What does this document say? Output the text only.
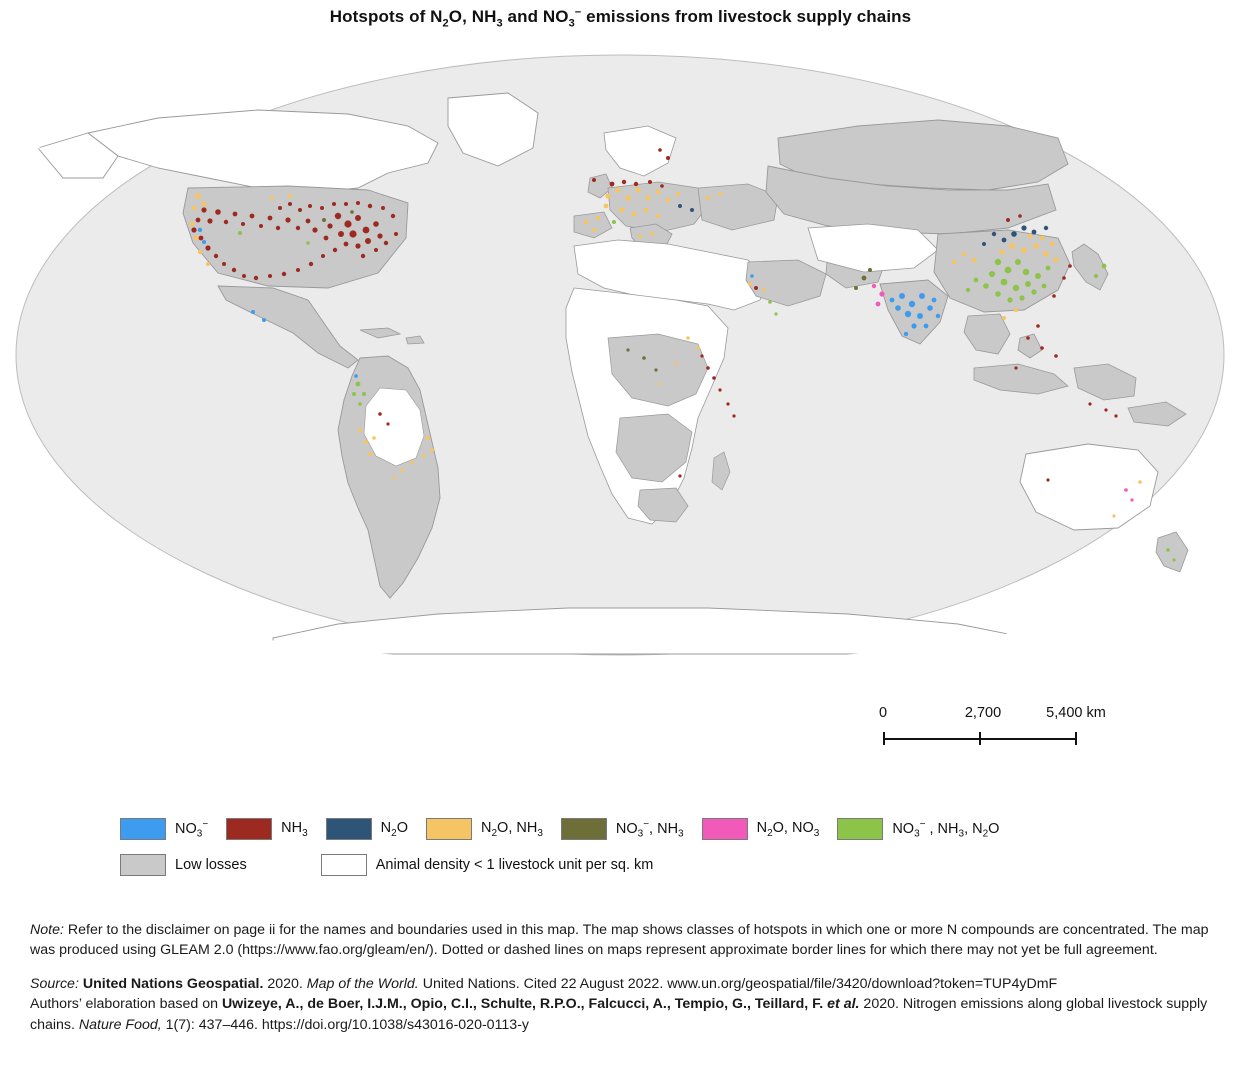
Hotspots of $N_2O$, $NH_3$ and $NO_3^-$ emissions from livestock supply chains
0	2,700	5,400 km
$NO_3^-$	$NH_3$	$N_2O$	$N_2O$, $NH_3$	$NO_3^-$, $NH_3$	$N_2O$, $NO_3$	$NO_3^-$ , $NH_3$, $N_2O$
Low losses	Animal density < 1 livestock unit per sq. km

Note: Refer to the disclaimer on page ii for the names and boundaries used in this map. The map shows classes of hotspots in which one or more N compounds are concentrated. The map was produced using GLEAM 2.0 (https://www.fao.org/gleam/en/). Dotted or dashed lines on maps represent approximate border lines for which there may not yet be full agreement.

Source: United Nations Geospatial. 2020. Map of the World. United Nations. Cited 22 August 2022. www.un.org/geospatial/file/3420/download?token=TUP4yDmF
Authors’ elaboration based on Uwizeye, A., de Boer, I.J.M., Opio, C.I., Schulte, R.P.O., Falcucci, A., Tempio, G., Teillard, F. et al. 2020. Nitrogen emissions along global livestock supply chains. Nature Food, 1(7): 437–446. https://doi.org/10.1038/s43016-020-0113-y
